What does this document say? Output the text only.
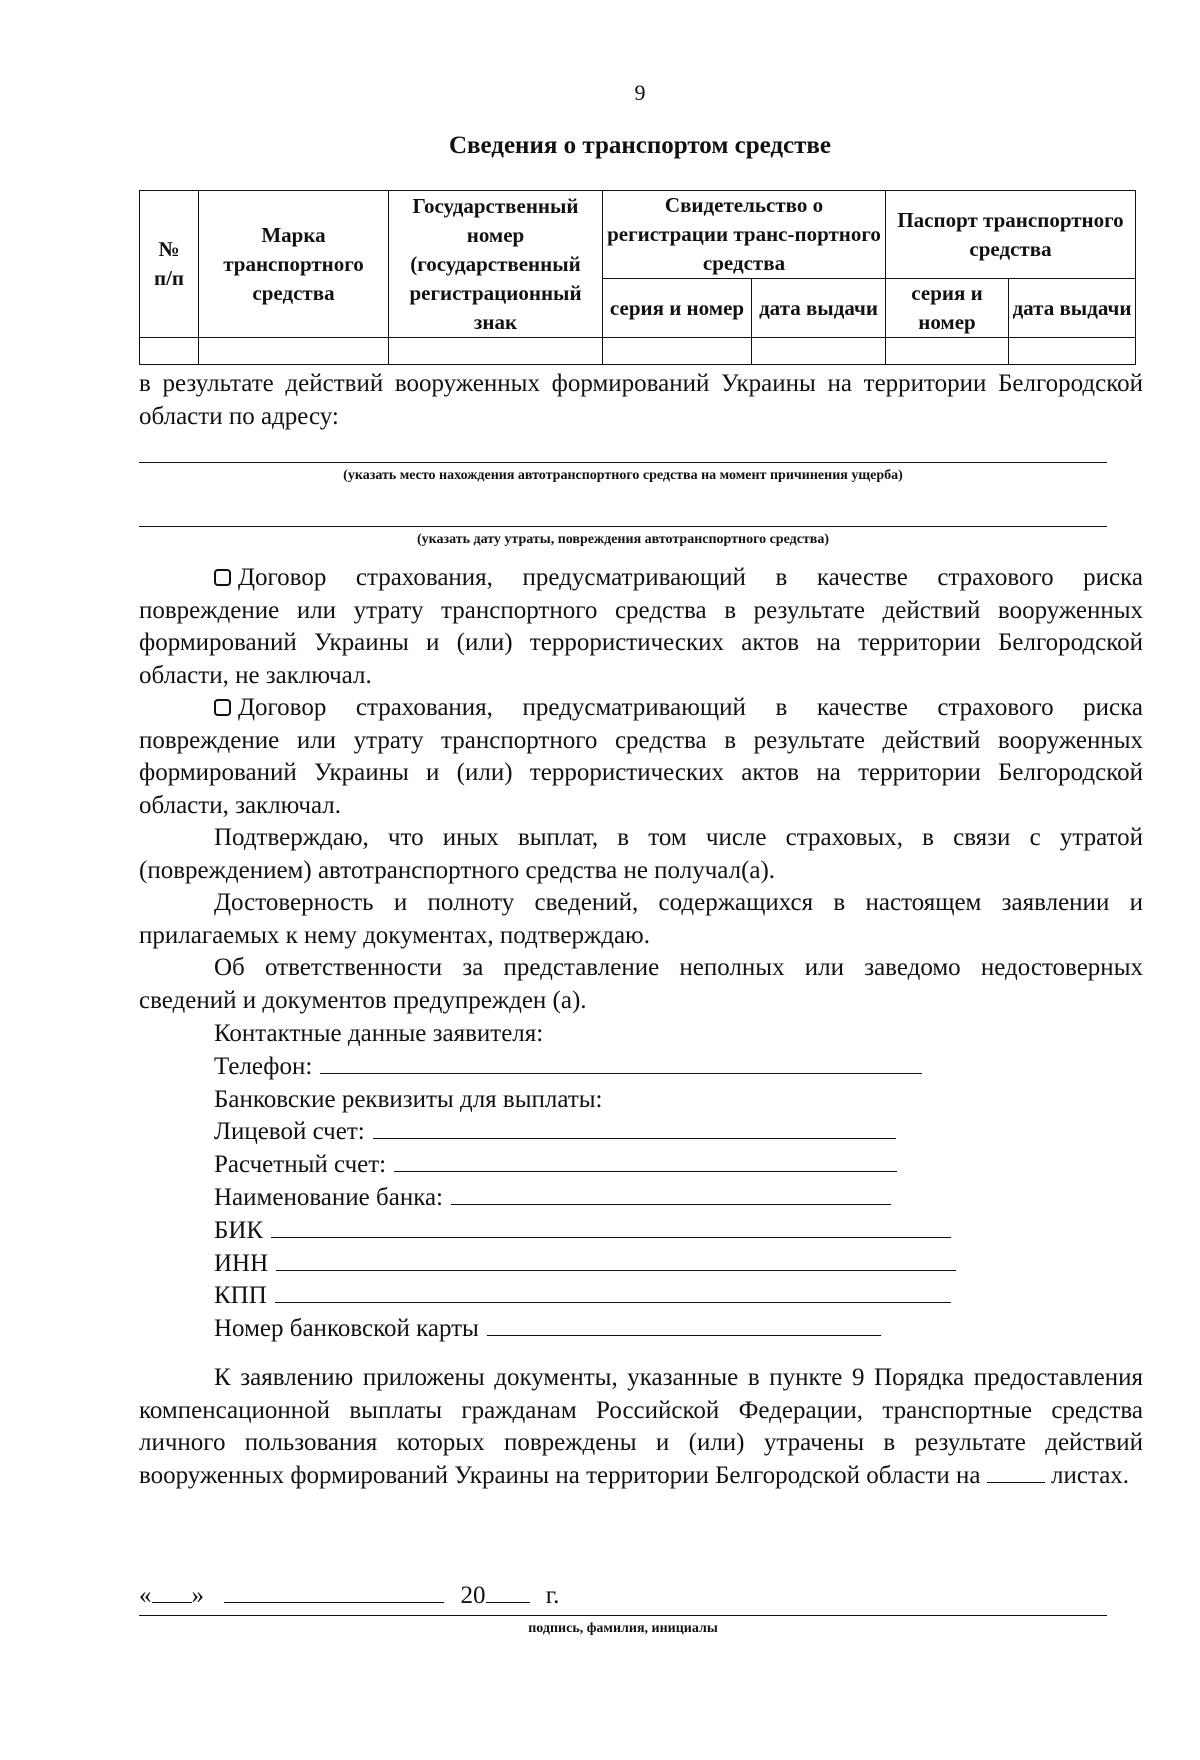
9
Сведения о транспортом средстве
№
п/п	Марка транспортного средства	Государственный номер (государственный регистрационный знак	Свидетельство о регистрации транс-портного средства		Паспорт транспортного средства	
			серия и номер	дата выдачи	серия и номер	дата выдачи

в результате действий вооруженных формирований Украины на территории Белгородской области по адресу:
(указать место нахождения автотранспортного средства на момент причинения ущерба)
(указать дату утраты, повреждения автотранспортного средства)

Договор страхования, предусматривающий в качестве страхового риска повреждение или утрату транспортного средства в результате действий вооруженных формирований Украины и (или) террористических актов на территории Белгородской области, не заключал.

Договор страхования, предусматривающий в качестве страхового риска повреждение или утрату транспортного средства в результате действий вооруженных формирований Украины и (или) террористических актов на территории Белгородской области, заключал.

Подтверждаю, что иных выплат, в том числе страховых, в связи с утратой (повреждением) автотранспортного средства не получал(а).

Достоверность и полноту сведений, содержащихся в настоящем заявлении и прилагаемых к нему документах, подтверждаю.

Об ответственности за представление неполных или заведомо недостоверных сведений и документов предупрежден (а).

Контактные данные заявителя:
Телефон:
Банковские реквизиты для выплаты:
Лицевой счет:
Расчетный счет:
Наименование банка:
БИК
ИНН
КПП
Номер банковской карты

К заявлению приложены документы, указанные в пункте 9 Порядка предоставления компенсационной выплаты гражданам Российской Федерации, транспортные средства личного пользования которых повреждены и (или) утрачены в результате действий вооруженных формирований Украины на территории Белгородской области на	листах.

« »	20 г.
подпись, фамилия, инициалы
